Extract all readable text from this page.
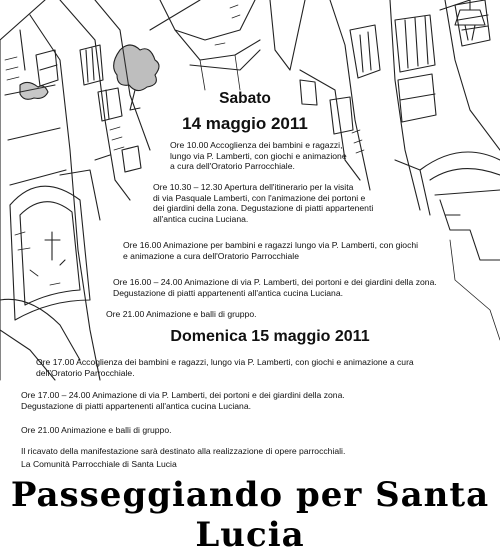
Sabato
14 maggio 2011
Ore 10.00 Accoglienza dei bambini e ragazzi,
lungo via P. Lamberti, con giochi e animazione
a cura dell'Oratorio Parrocchiale.
Ore 10.30 – 12.30 Apertura dell'itinerario per la visita
di via Pasquale Lamberti, con l'animazione dei portoni e
dei giardini della zona. Degustazione di piatti appartenenti
all'antica cucina Luciana.
Ore 16.00 Animazione per bambini e ragazzi lungo via P. Lamberti, con giochi
e animazione a cura dell'Oratorio Parrocchiale
Ore 16.00 – 24.00 Animazione di via P. Lamberti, dei portoni e dei giardini della zona.
Degustazione di piatti appartenenti all'antica cucina Luciana.
Ore 21.00 Animazione e balli di gruppo.
Domenica 15 maggio 2011
Ore 17.00 Accoglienza dei bambini e ragazzi, lungo via P. Lamberti, con giochi e animazione a cura
dell'Oratorio Parrocchiale.
Ore 17.00 – 24.00 Animazione di via P. Lamberti, dei portoni e dei giardini della zona.
Degustazione di piatti appartenenti all'antica cucina Luciana.
Ore 21.00 Animazione e balli di gruppo.
Il ricavato della manifestazione sarà destinato alla realizzazione di opere parrocchiali.
La Comunità Parrocchiale di Santa Lucia
Passeggiando per Santa Lucia
